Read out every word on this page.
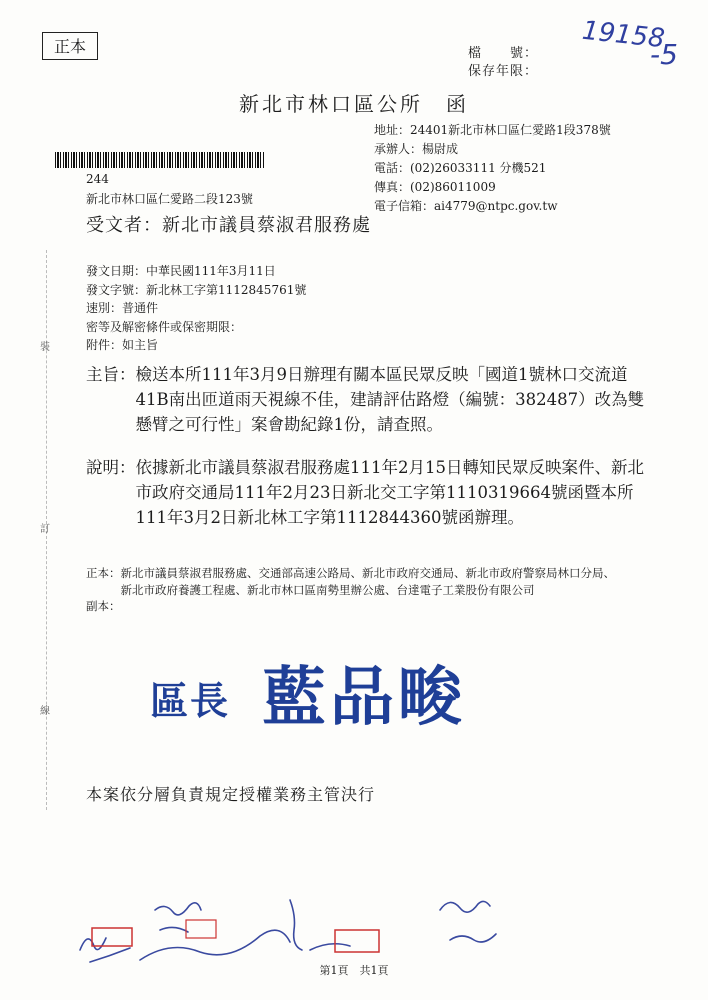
正本	檔　　號：
保存年限：
19158
-5
新北市林口區公所　函
地址：24401新北市林口區仁愛路1段378號
承辦人：楊尉成
電話：(02)26033111 分機521
傳真：(02)86011009
電子信箱：ai4779@ntpc.gov.tw
244
新北市林口區仁愛路二段123號
受文者：新北市議員蔡淑君服務處
發文日期：中華民國111年3月11日
發文字號：新北林工字第1112845761號
速別：普通件
密等及解密條件或保密期限：
附件：如主旨
裝
訂
線
主旨： 檢送本所111年3月9日辦理有關本區民眾反映「國道1號林口交流道41B南出匝道雨天視線不佳，建請評估路燈（編號：382487）改為雙懸臂之可行性」案會勘紀錄1份，請查照。
說明： 依據新北市議員蔡淑君服務處111年2月15日轉知民眾反映案件、新北市政府交通局111年2月23日新北交工字第1110319664號函暨本所111年3月2日新北林工字第1112844360號函辦理。
正本： 新北市議員蔡淑君服務處、交通部高速公路局、新北市政府交通局、新北市政府警察局林口分局、新北市政府養護工程處、新北市林口區南勢里辦公處、台達電子工業股份有限公司
副本：
區長 藍品畯
本案依分層負責規定授權業務主管決行
第1頁　共1頁
